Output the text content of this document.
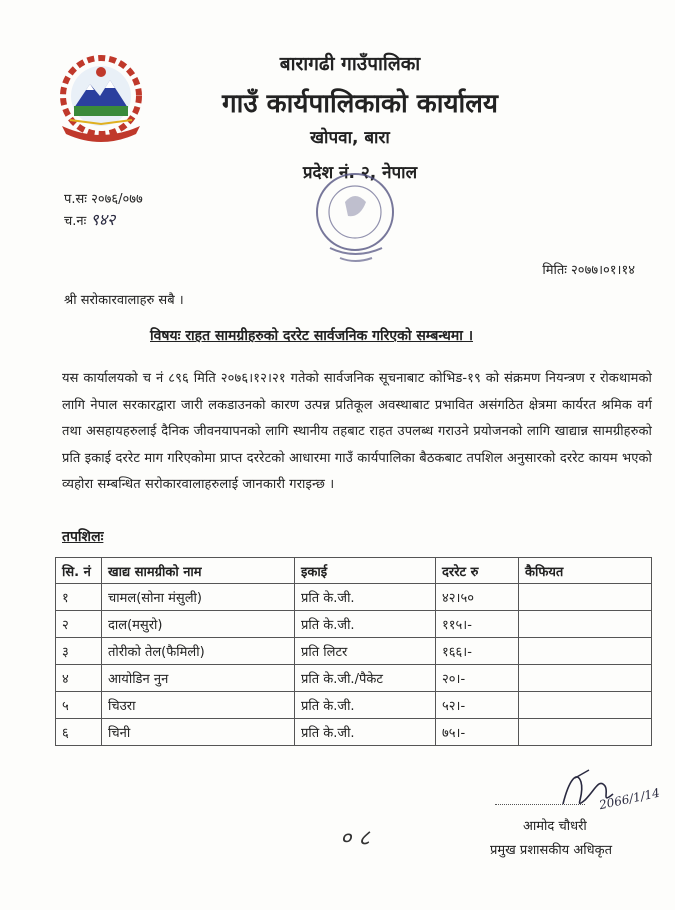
बारागढी गाउँपालिका
गाउँ कार्यपालिकाको कार्यालय
खोपवा, बारा
प्रदेश नं. २, नेपाल
प.सः २०७६/०७७
च.नः ९४२
मितिः २०७७।०१।१४
श्री सरोकारवालाहरु सबै ।
विषयः राहत सामग्रीहरुको दररेट सार्वजनिक गरिएको सम्बन्धमा ।
यस कार्यालयको च नं ८९६ मिति २०७६।१२।२१ गतेको सार्वजनिक सूचनाबाट कोभिड-१९ को संक्रमण नियन्त्रण र रोकथामको लागि नेपाल सरकारद्वारा जारी लकडाउनको कारण उत्पन्न प्रतिकूल अवस्थाबाट प्रभावित असंगठित क्षेत्रमा कार्यरत श्रमिक वर्ग तथा असहायहरुलाई दैनिक जीवनयापनको लागि स्थानीय तहबाट राहत उपलब्ध गराउने प्रयोजनको लागि खाद्यान्न सामग्रीहरुको प्रति इकाई दररेट माग गरिएकोमा प्राप्त दररेटको आधारमा गाउँ कार्यपालिका बैठकबाट तपशिल अनुसारको दररेट कायम भएको व्यहोरा सम्बन्धित सरोकारवालाहरुलाई जानकारी गराइन्छ ।
तपशिलः
सि. नं	खाद्य सामग्रीको नाम	इकाई	दररेट रु	कैफियत
१	चामल(सोना मंसुली)	प्रति के.जी.	४२।५०	
२	दाल(मसुरो)	प्रति के.जी.	११५।-	
३	तोरीको तेल(फैमिली)	प्रति लिटर	१६६।-	
४	आयोडिन नुन	प्रति के.जी./पैकेट	२०।-	
५	चिउरा	प्रति के.जी.	५२।-	
६	चिनी	प्रति के.जी.	७५।-	
2066/1/14
आमोद चौधरी
प्रमुख प्रशासकीय अधिकृत
० ८
